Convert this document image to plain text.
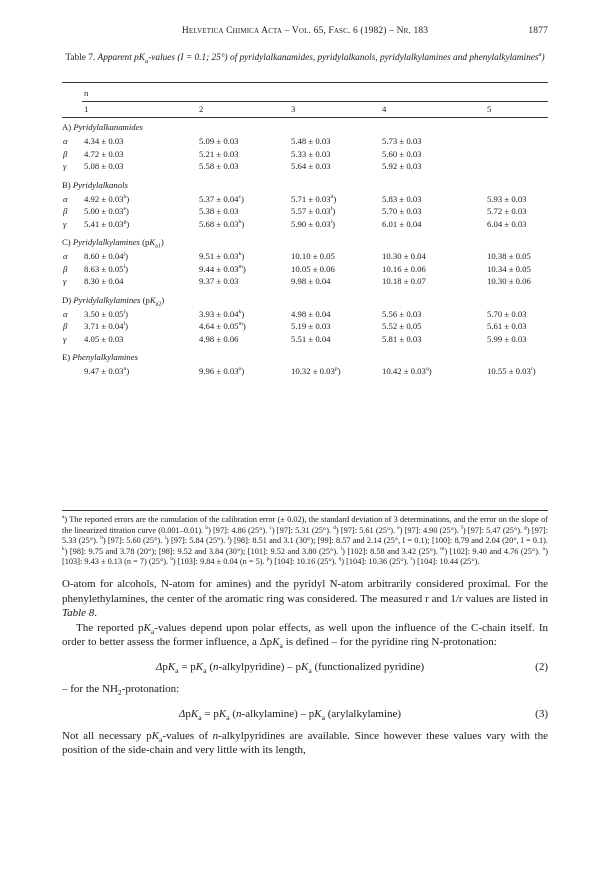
Helvetica Chimica Acta – Vol. 65, Fasc. 6 (1982) – Nr. 183	1877
Table 7. Apparent $pK_a$-values (I = 0.1; 25°) of pyridylalkanamides, pyridylalkanols, pyridylalkylamines and phenylalkylamines$^a$)
n
1	2	3	4	5
A) Pyridylalkanamides
α 4.34 ± 0.03	5.09 ± 0.03	5.48 ± 0.03	5.73 ± 0.03
β 4.72 ± 0.03	5.21 ± 0.03	5.33 ± 0.03	5.60 ± 0.03
γ 5.08 ± 0.03	5.58 ± 0.03	5.64 ± 0.03	5.92 ± 0.03
B) Pyridylalkanols
α 4.92 ± 0.03$^b$)	5.37 ± 0.04$^c$)	5.71 ± 0.03$^d$)	5.83 ± 0.03	5.93 ± 0.03
β 5.00 ± 0.03$^e$)	5.38 ± 0.03	5.57 ± 0.03$^f$)	5.70 ± 0.03	5.72 ± 0.03
γ 5.41 ± 0.03$^g$)	5.68 ± 0.03$^h$)	$5.90 \pm 0.03^i$)	6.01 ± 0.04	6.04 ± 0.03
C) Pyridylalkylamines $(pK_{a1})$
α $8.60 \pm 0.04^j$)	$9.51 \pm 0.03^k$)	10.10 ± 0.05	10.30 ± 0.04	10.38 ± 0.05
β $8.63 \pm 0.05^l$)	$9.44 \pm 0.03^m$)	10.05 ± 0.06	10.16 ± 0.06	10.34 ± 0.05
γ 8.30 ± 0.04	9.37 ± 0.03	9.98 ± 0.04	10.18 ± 0.07	10.30 ± 0.06
D) Pyridylalkylamines $(pK_{a2})$
α $3.50 \pm 0.05^j$)	$3.93 \pm 0.04^k$)	4.98 ± 0.04	5.56 ± 0.03	5.70 ± 0.03
β $3.71 \pm 0.04^l$)	$4.64 \pm 0.05^m$)	5.19 ± 0.03	5.52 ± 0.05	5.61 ± 0.03
γ 4.05 ± 0.03	4.98 ± 0.06	5.51 ± 0.04	5.81 ± 0.03	5.99 ± 0.03
E) Phenylalkylamines
$9.47 \pm 0.03^n$)	$9.96 \pm 0.03^o$)	$10.32 \pm 0.03^p$)	$10.42 \pm 0.03^q$)	$10.55 \pm 0.03^r$)

$^a$) The reported errors are the cumulation of the calibration error (± 0.02), the standard deviation of 3 determinations, and the error on the slope of the linearized titration curve (0.001–0.01). $^b$) [97]: 4.86 (25°). $^c$) [97]: 5.31 (25°). $^d$) [97]: 5.61 (25°). $^e$) [97]: 4.90 (25°). $^f$) [97]: 5.47 (25°). $^g$) [97]: 5.33 (25°). $^h$) [97]: 5.60 (25°). $^i$) [97]: 5.84 (25°). $^j$) [98]: 8.51 and 3.1 (30°); [99]: 8.57 and 2.14 (25°, I = 0.1); [100]: 8.79 and 2.04 (20°, I = 0.1). $^k$) [98]: 9.75 and 3.78 (20°); [98]: 9.52 and 3.84 (30°); [101]: 9.52 and 3.80 (25°). $^l$) [102]: 8.58 and 3.42 (25°). $^m$) [102]: 9.40 and 4.76 (25°). $^n$) [103]: 9.43 ± 0.13 (n = 7) (25°). $^o$) [103]: 9.84 ± 0.04 (n = 5). $^p$) [104]: 10.16 (25°). $^q$) [104]: 10.36 (25°). $^r$) [104]: 10.44 (25°).

O-atom for alcohols, N-atom for amines) and the pyridyl N-atom arbitrarily considered proximal. For the phenylethylamines, the center of the aromatic ring was considered. The measured r and 1/r values are listed in Table 8.

The reported $pK_a$-values depend upon polar effects, as well upon the influence of the C-chain itself. In order to better assess the former influence, a ΔpK$_a$ is defined – for the pyridine ring N-protonation:

$\Delta pK_a = pK_a$ (n-alkylpyridine) – $pK_a$ (functionalized pyridine)	(2)

– for the $NH_2$-protonation:

$\Delta pK_a = pK_a$ (n-alkylamine) – $pK_a$ (arylalkylamine)	(3)

Not all necessary $pK_a$-values of n-alkylpyridines are available. Since however these values vary with the position of the side-chain and very little with its length,
